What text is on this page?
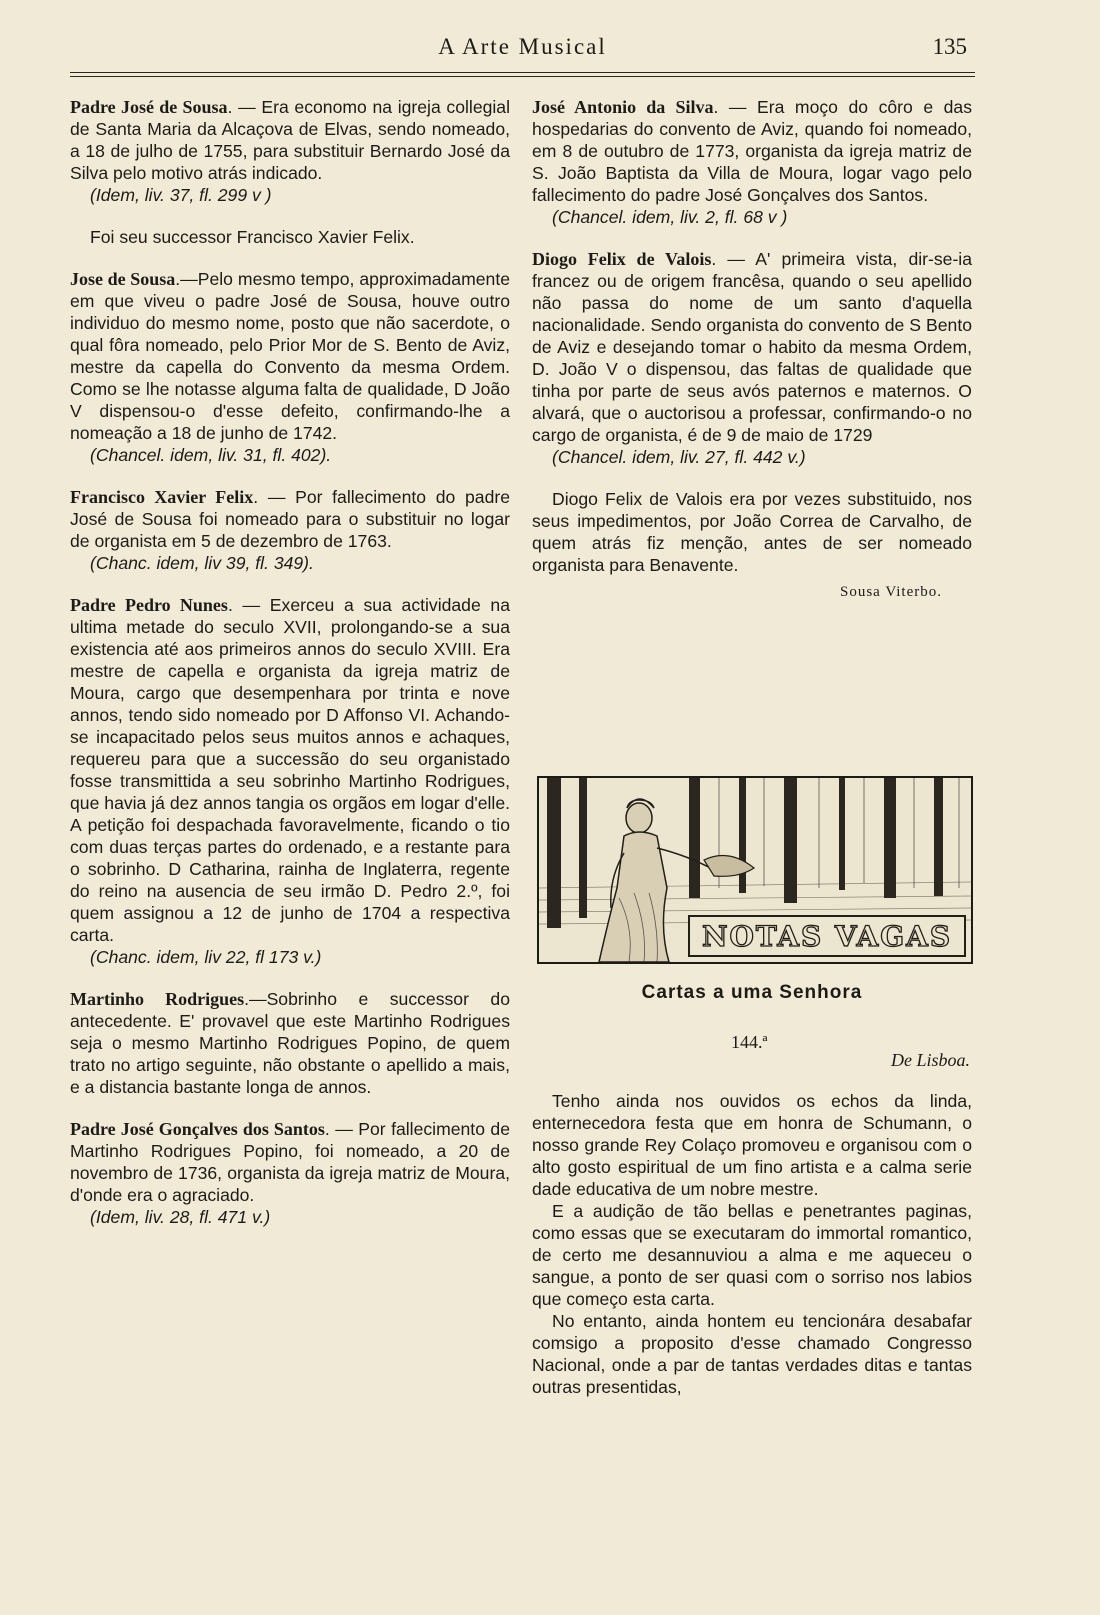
A Arte Musical	135

Padre José de Sousa. — Era economo na igreja collegial de Santa Maria da Alcaçova de Elvas, sendo nomeado, a 18 de julho de 1755, para substituir Bernardo José da Silva pelo motivo atrás indicado.

(Idem, liv. 37, fl. 299 v )

Foi seu successor Francisco Xavier Felix.

Jose de Sousa.—Pelo mesmo tempo, approximadamente em que viveu o padre José de Sousa, houve outro individuo do mesmo nome, posto que não sacerdote, o qual fôra nomeado, pelo Prior Mor de S. Bento de Aviz, mestre da capella do Convento da mesma Ordem. Como se lhe notasse alguma falta de qualidade, D João V dispensou-o d'esse defeito, confirmando-lhe a nomeação a 18 de junho de 1742.

(Chancel. idem, liv. 31, fl. 402).

Francisco Xavier Felix. — Por fallecimento do padre José de Sousa foi nomeado para o substituir no logar de organista em 5 de dezembro de 1763.

(Chanc. idem, liv 39, fl. 349).

Padre Pedro Nunes. — Exerceu a sua actividade na ultima metade do seculo XVII, prolongando-se a sua existencia até aos primeiros annos do seculo XVIII. Era mestre de capella e organista da igreja matriz de Moura, cargo que desempenhara por trinta e nove annos, tendo sido nomeado por D Affonso VI. Achando-se incapacitado pelos seus muitos annos e achaques, requereu para que a successão do seu organistado fosse transmittida a seu sobrinho Martinho Rodrigues, que havia já dez annos tangia os orgãos em logar d'elle. A petição foi despachada favoravelmente, ficando o tio com duas terças partes do ordenado, e a restante para o sobrinho. D Catharina, rainha de Inglaterra, regente do reino na ausencia de seu irmão D. Pedro 2.º, foi quem assignou a 12 de junho de 1704 a respectiva carta.

(Chanc. idem, liv 22, fl 173 v.)

Martinho Rodrigues.—Sobrinho e successor do antecedente. E' provavel que este Martinho Rodrigues seja o mesmo Martinho Rodrigues Popino, de quem trato no artigo seguinte, não obstante o apellido a mais, e a distancia bastante longa de annos.

Padre José Gonçalves dos Santos. — Por fallecimento de Martinho Rodrigues Popino, foi nomeado, a 20 de novembro de 1736, organista da igreja matriz de Moura, d'onde era o agraciado.

(Idem, liv. 28, fl. 471 v.)

José Antonio da Silva. — Era moço do côro e das hospedarias do convento de Aviz, quando foi nomeado, em 8 de outubro de 1773, organista da igreja matriz de S. João Baptista da Villa de Moura, logar vago pelo fallecimento do padre José Gonçalves dos Santos.

(Chancel. idem, liv. 2, fl. 68 v )

Diogo Felix de Valois. — A' primeira vista, dir-se-ia francez ou de origem francêsa, quando o seu apellido não passa do nome de um santo d'aquella nacionalidade. Sendo organista do convento de S Bento de Aviz e desejando tomar o habito da mesma Ordem, D. João V o dispensou, das faltas de qualidade que tinha por parte de seus avós paternos e maternos. O alvará, que o auctorisou a professar, confirmando-o no cargo de organista, é de 9 de maio de 1729

(Chancel. idem, liv. 27, fl. 442 v.)

Diogo Felix de Valois era por vezes substituido, nos seus impedimentos, por João Correa de Carvalho, de quem atrás fiz menção, antes de ser nomeado organista para Benavente.

Sousa Viterbo.
NOTAS VAGAS
Cartas a uma Senhora
144.ª
De Lisboa.

Tenho ainda nos ouvidos os echos da linda, enternecedora festa que em honra de Schumann, o nosso grande Rey Colaço promoveu e organisou com o alto gosto espiritual de um fino artista e a calma serie dade educativa de um nobre mestre.

E a audição de tão bellas e penetrantes paginas, como essas que se executaram do immortal romantico, de certo me desannuviou a alma e me aqueceu o sangue, a ponto de ser quasi com o sorriso nos labios que começo esta carta.

No entanto, ainda hontem eu tencionára desabafar comsigo a proposito d'esse chamado Congresso Nacional, onde a par de tantas verdades ditas e tantas outras presentidas,
